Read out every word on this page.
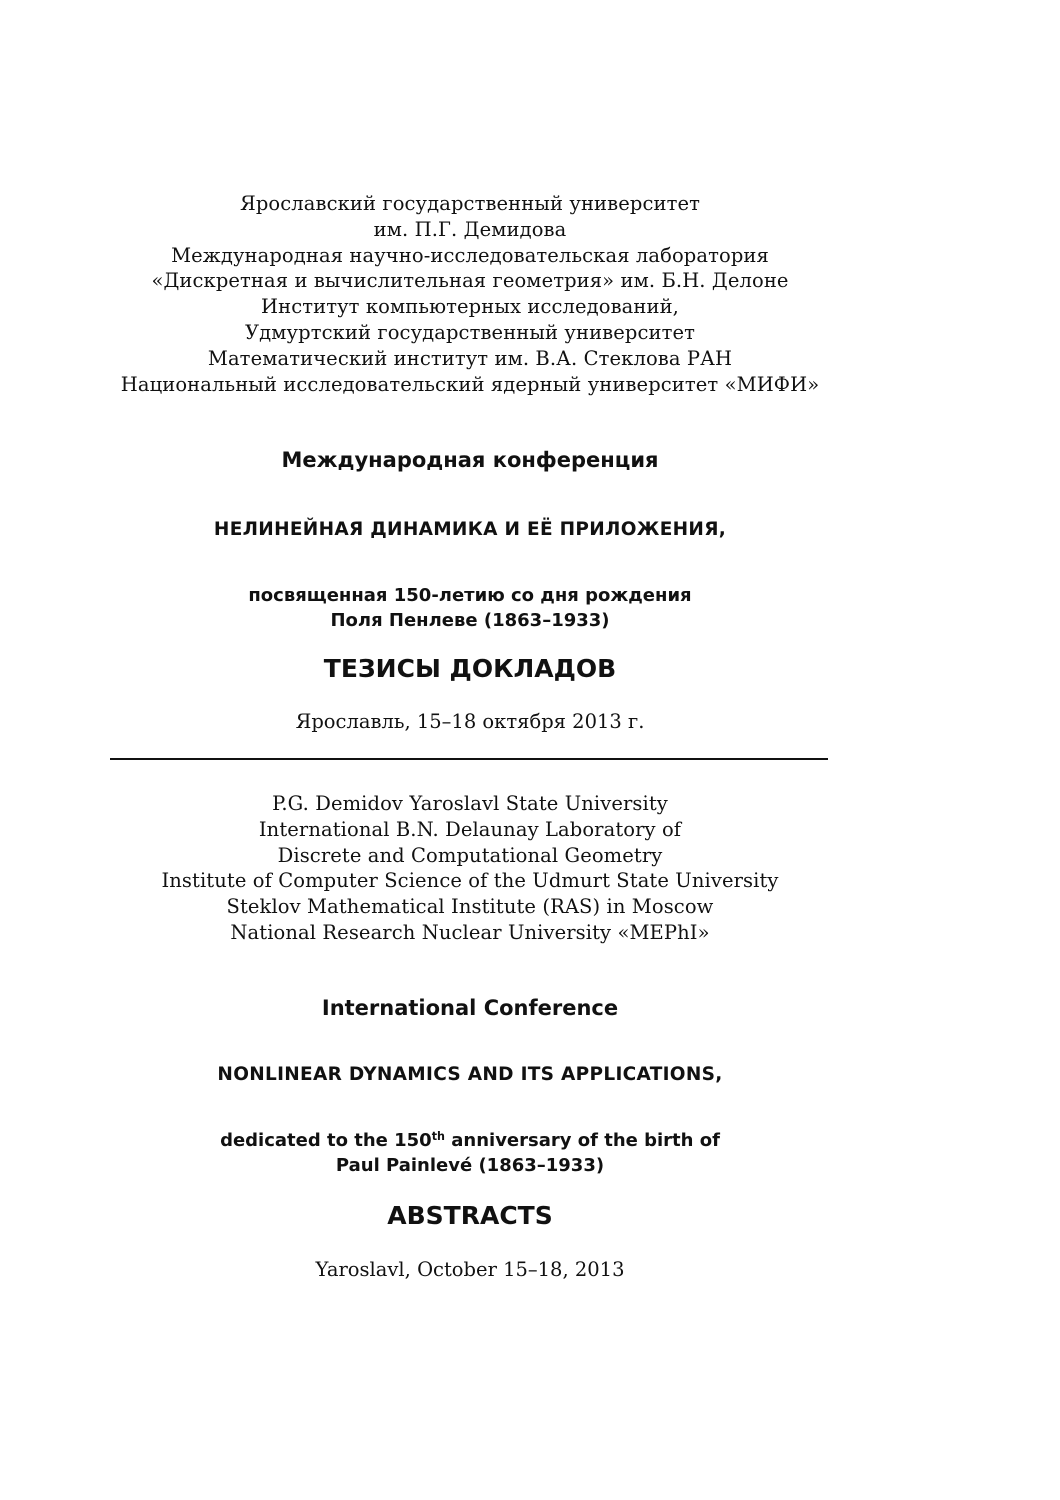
Ярославский государственный университет
им. П.Г. Демидова
Международная научно-исследовательская лаборатория
«Дискретная и вычислительная геометрия» им. Б.Н. Делоне
Институт компьютерных исследований,
Удмуртский государственный университет
Математический институт им. В.А. Стеклова РАН
Национальный исследовательский ядерный университет «МИФИ»
Международная конференция
НЕЛИНЕЙНАЯ ДИНАМИКА И ЕЁ ПРИЛОЖЕНИЯ,
посвященная 150-летию со дня рождения
Поля Пенлеве (1863–1933)
ТЕЗИСЫ ДОКЛАДОВ
Ярославль, 15–18 октября 2013 г.
P.G. Demidov Yaroslavl State University
International B.N. Delaunay Laboratory of
Discrete and Computational Geometry
Institute of Computer Science of the Udmurt State University
Steklov Mathematical Institute (RAS) in Moscow
National Research Nuclear University «MEPhI»
International Conference
NONLINEAR DYNAMICS AND ITS APPLICATIONS,
dedicated to the 150th anniversary of the birth of
Paul Painlevé (1863–1933)
ABSTRACTS
Yaroslavl, October 15–18, 2013
